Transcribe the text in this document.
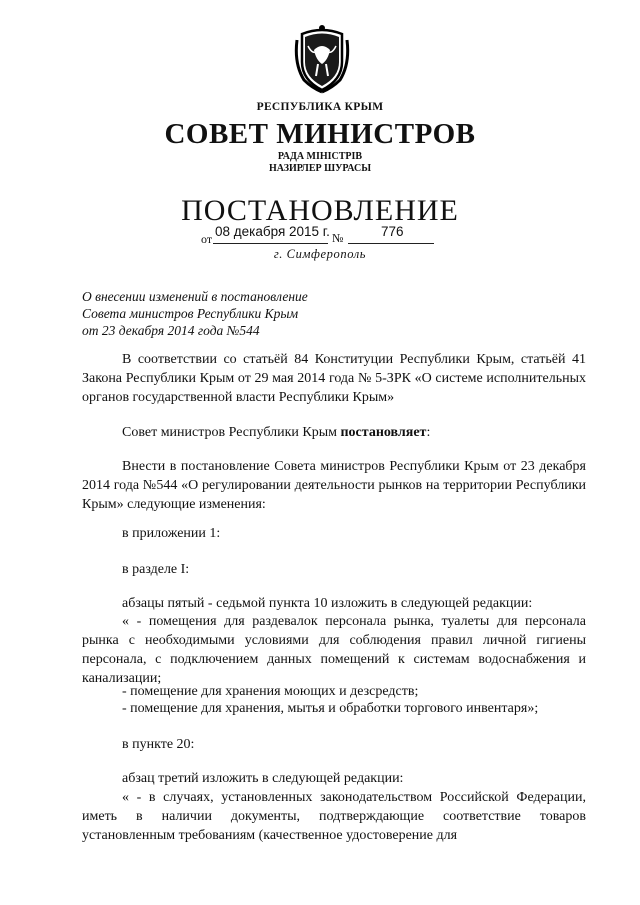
РЕСПУБЛИКА КРЫМ
СОВЕТ МИНИСТРОВ
РАДА МІНІСТРІВ
НАЗИРЛЕР ШУРАСЫ
ПОСТАНОВЛЕНИЕ
от 08 декабря 2015 г. №	776
г. Симферополь
О внесении изменений в постановление
Совета министров Республики Крым
от 23 декабря 2014 года №544
В соответствии со статьёй 84 Конституции Республики Крым, статьёй 41 Закона Республики Крым от 29 мая 2014 года № 5-ЗРК «О системе исполнительных органов государственной власти Республики Крым»
Совет министров Республики Крым постановляет:
Внести в постановление Совета министров Республики Крым от 23 декабря 2014 года №544 «О регулировании деятельности рынков на территории Республики Крым» следующие изменения:
в приложении 1:
в разделе I:
абзацы пятый - седьмой пункта 10 изложить в следующей редакции:
« - помещения для раздевалок персонала рынка, туалеты для персонала рынка с необходимыми условиями для соблюдения правил личной гигиены персонала, с подключением данных помещений к системам водоснабжения и канализации;
- помещение для хранения моющих и дезсредств;
- помещение для хранения, мытья и обработки торгового инвентаря»;
в пункте 20:
абзац третий изложить в следующей редакции:
« - в случаях, установленных законодательством Российской Федерации, иметь в наличии документы, подтверждающие соответствие товаров установленным требованиям (качественное удостоверение для
